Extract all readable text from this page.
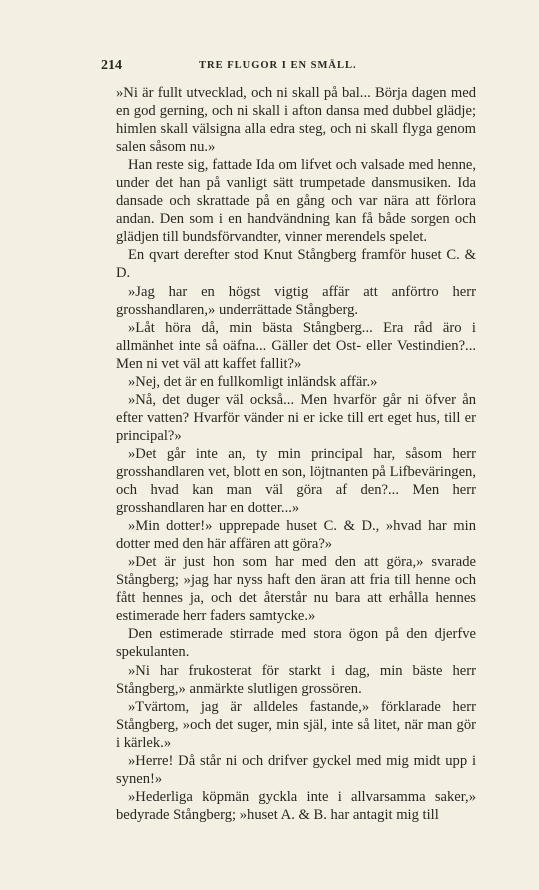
214	TRE FLUGOR I EN SMÄLL.

»Ni är fullt utvecklad, och ni skall på bal... Börja dagen med en god gerning, och ni skall i afton dansa med dubbel glädje; himlen skall välsigna alla edra steg, och ni skall flyga genom salen såsom nu.»

Han reste sig, fattade Ida om lifvet och valsade med henne, under det han på vanligt sätt trumpetade dansmusiken. Ida dansade och skrattade på en gång och var nära att förlora andan. Den som i en handvändning kan få både sorgen och glädjen till bundsförvandter, vinner merendels spelet.

En qvart derefter stod Knut Stångberg framför huset C. & D.

»Jag har en högst vigtig affär att anförtro herr grosshandlaren,» underrättade Stångberg.

»Låt höra då, min bästa Stångberg... Era råd äro i allmänhet inte så oäfna... Gäller det Ost- eller Vestindien?... Men ni vet väl att kaffet fallit?»

»Nej, det är en fullkomligt inländsk affär.»

»Nå, det duger väl också... Men hvarför går ni öfver ån efter vatten? Hvarför vänder ni er icke till ert eget hus, till er principal?»

»Det går inte an, ty min principal har, såsom herr grosshandlaren vet, blott en son, löjtnanten på Lifbeväringen, och hvad kan man väl göra af den?... Men herr grosshandlaren har en dotter...»

»Min dotter!» upprepade huset C. & D., »hvad har min dotter med den här affären att göra?»

»Det är just hon som har med den att göra,» svarade Stångberg; »jag har nyss haft den äran att fria till henne och fått hennes ja, och det återstår nu bara att erhålla hennes estimerade herr faders samtycke.»

Den estimerade stirrade med stora ögon på den djerfve spekulanten.

»Ni har frukosterat för starkt i dag, min bäste herr Stångberg,» anmärkte slutligen grossören.

»Tvärtom, jag är alldeles fastande,» förklarade herr Stångberg, »och det suger, min själ, inte så litet, när man gör i kärlek.»

»Herre! Då står ni och drifver gyckel med mig midt upp i synen!»

»Hederliga köpmän gyckla inte i allvarsamma saker,» bedyrade Stångberg; »huset A. & B. har antagit mig till
